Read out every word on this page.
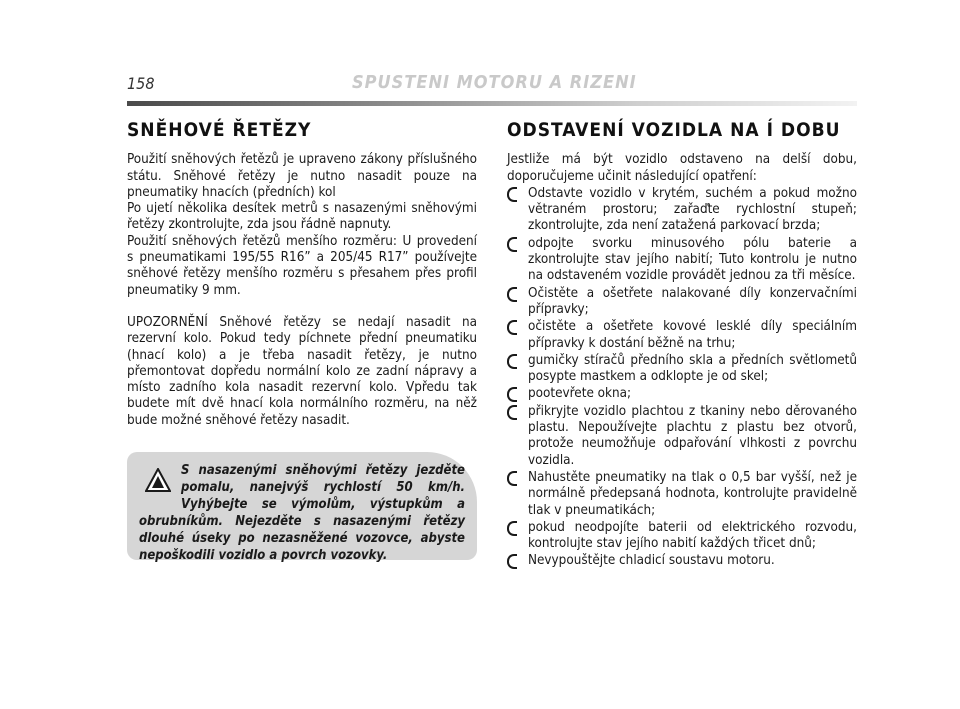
158	SPUSTENI MOTORU A RIZENI
SNĚHOVÉ ŘETĚZY

Použití sněhových řetězů je upraveno zákony příslušného státu. Sněhové řetězy je nutno nasadit pouze na pneumatiky hnacích (předních) kol

Po ujetí několika desítek metrů s nasazenými sněhovými řetězy zkontrolujte, zda jsou řádně napnuty.

Použití sněhových řetězů menšího rozměru: U provedení s pneumatikami 195/55 R16” a 205/45 R17” používejte sněhové řetězy menšího rozměru s přesahem přes profil pneumatiky 9 mm.

UPOZORNĚNÍ Sněhové řetězy se nedají nasadit na rezervní kolo. Pokud tedy píchnete přední pneumatiku (hnací kolo) a je třeba nasadit řetězy, je nutno přemontovat dopředu normální kolo ze zadní nápravy a místo zadního kola nasadit rezervní kolo. Vpředu tak budete mít dvě hnací kola normálního rozměru, na něž bude možné sněhové řetězy nasadit.

S nasazenými sněhovými řetězy jezděte pomalu, nanejvýš rychlostí 50 km/h. Vyhýbejte se výmolům, výstupkům a obrubníkům. Nejezděte s nasazenými řetězy dlouhé úseky po nezasněžené vozovce, abyste nepoškodili vozidlo a povrch vozovky.
ODSTAVENÍ VOZIDLA NA Í DOBU

Jestliže má být vozidlo odstaveno na delší dobu, doporučujeme učinit následující opatření:

Odstavte vozidlo v krytém, suchém a pokud možno větraném prostoru; zařaďte rychlostní stupeň; zkontrolujte, zda není zatažená parkovací brzda;
odpojte svorku minusového pólu baterie a zkontrolujte stav jejího nabití; Tuto kontrolu je nutno na odstaveném vozidle provádět jednou za tři měsíce.
Očistěte a ošetřete nalakované díly konzervačními přípravky;
očistěte a ošetřete kovové lesklé díly speciálním přípravky k dostání běžně na trhu;
gumičky stíračů předního skla a předních světlometů posypte mastkem a odklopte je od skel;
pootevřete okna;
přikryjte vozidlo plachtou z tkaniny nebo děrovaného plastu. Nepoužívejte plachtu z plastu bez otvorů, protože neumožňuje odpařování vlhkosti z povrchu vozidla.
Nahustěte pneumatiky na tlak o 0,5 bar vyšší, než je normálně předepsaná hodnota, kontrolujte pravidelně tlak v pneumatikách;
pokud neodpojíte baterii od elektrického rozvodu, kontrolujte stav jejího nabití každých třicet dnů;
Nevypouštějte chladicí soustavu motoru.
